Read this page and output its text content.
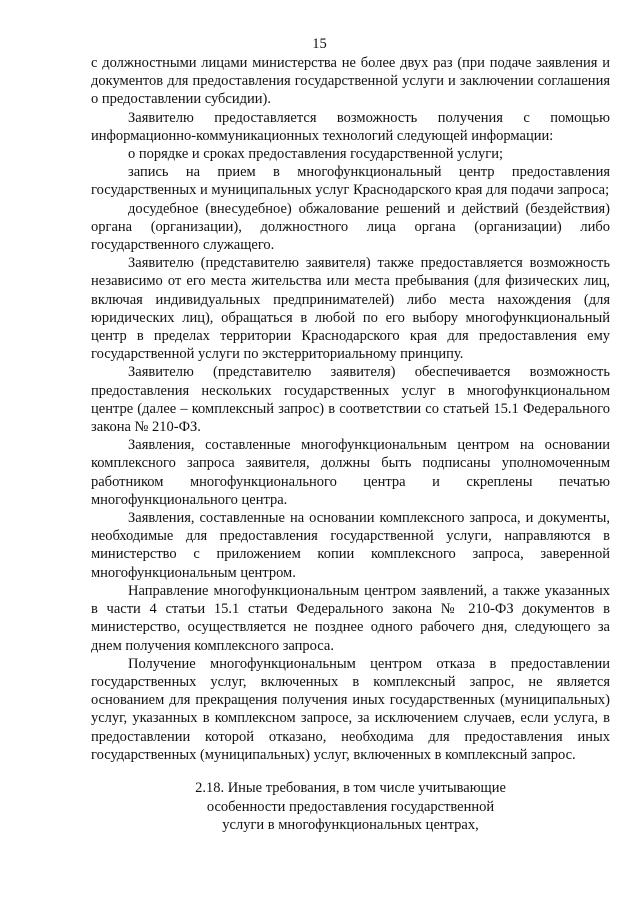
15

с должностными лицами министерства не более двух раз (при подаче заявления и документов для предоставления государственной услуги и заключении соглашения о предоставлении субсидии).

Заявителю предоставляется возможность получения с помощью информационно-коммуникационных технологий следующей информации:

о порядке и сроках предоставления государственной услуги;

запись на прием в многофункциональный центр предоставления государственных и муниципальных услуг Краснодарского края для подачи запроса;

досудебное (внесудебное) обжалование решений и действий (бездействия) органа (организации), должностного лица органа (организации) либо государственного служащего.

Заявителю (представителю заявителя) также предоставляется возможность независимо от его места жительства или места пребывания (для физических лиц, включая индивидуальных предпринимателей) либо места нахождения (для юридических лиц), обращаться в любой по его выбору многофункциональный центр в пределах территории Краснодарского края для предоставления ему государственной услуги по экстерриториальному принципу.

Заявителю (представителю заявителя) обеспечивается возможность предоставления нескольких государственных услуг в многофункциональном центре (далее – комплексный запрос) в соответствии со статьей 15.1 Федерального закона № 210-ФЗ.

Заявления, составленные многофункциональным центром на основании комплексного запроса заявителя, должны быть подписаны уполномоченным работником многофункционального центра и скреплены печатью многофункционального центра.

Заявления, составленные на основании комплексного запроса, и документы, необходимые для предоставления государственной услуги, направляются в министерство с приложением копии комплексного запроса, заверенной многофункциональным центром.

Направление многофункциональным центром заявлений, а также указанных в части 4 статьи 15.1 статьи Федерального закона № 210-ФЗ документов в министерство, осуществляется не позднее одного рабочего дня, следующего за днем получения комплексного запроса.

Получение многофункциональным центром отказа в предоставлении государственных услуг, включенных в комплексный запрос, не является основанием для прекращения получения иных государственных (муниципальных) услуг, указанных в комплексном запросе, за исключением случаев, если услуга, в предоставлении которой отказано, необходима для предоставления иных государственных (муниципальных) услуг, включенных в комплексный запрос.

2.18. Иные требования, в том числе учитывающие
особенности предоставления государственной
услуги в многофункциональных центрах,
